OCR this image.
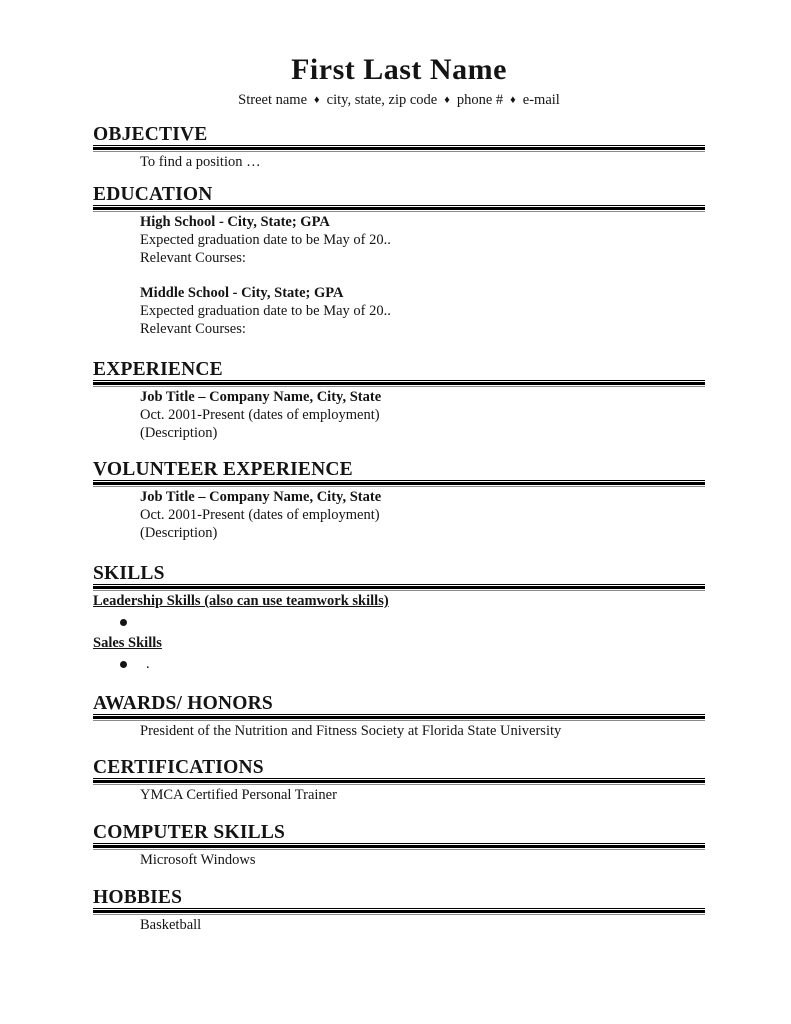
First Last Name

Street name ♦ city, state, zip code ♦ phone # ♦ e-mail

OBJECTIVE

To find a position …

EDUCATION

High School - City, State; GPA

Expected graduation date to be May of 20..

Relevant Courses:

Middle School - City, State; GPA

Expected graduation date to be May of 20..

Relevant Courses:

EXPERIENCE

Job Title – Company Name, City, State

Oct. 2001-Present (dates of employment)

(Description)

VOLUNTEER EXPERIENCE

Job Title – Company Name, City, State

Oct. 2001-Present (dates of employment)

(Description)

SKILLS

Leadership Skills (also can use teamwork skills)

Sales Skills

.
AWARDS/ HONORS

President of the Nutrition and Fitness Society at Florida State University

CERTIFICATIONS

YMCA Certified Personal Trainer

COMPUTER SKILLS

Microsoft Windows

HOBBIES

Basketball
